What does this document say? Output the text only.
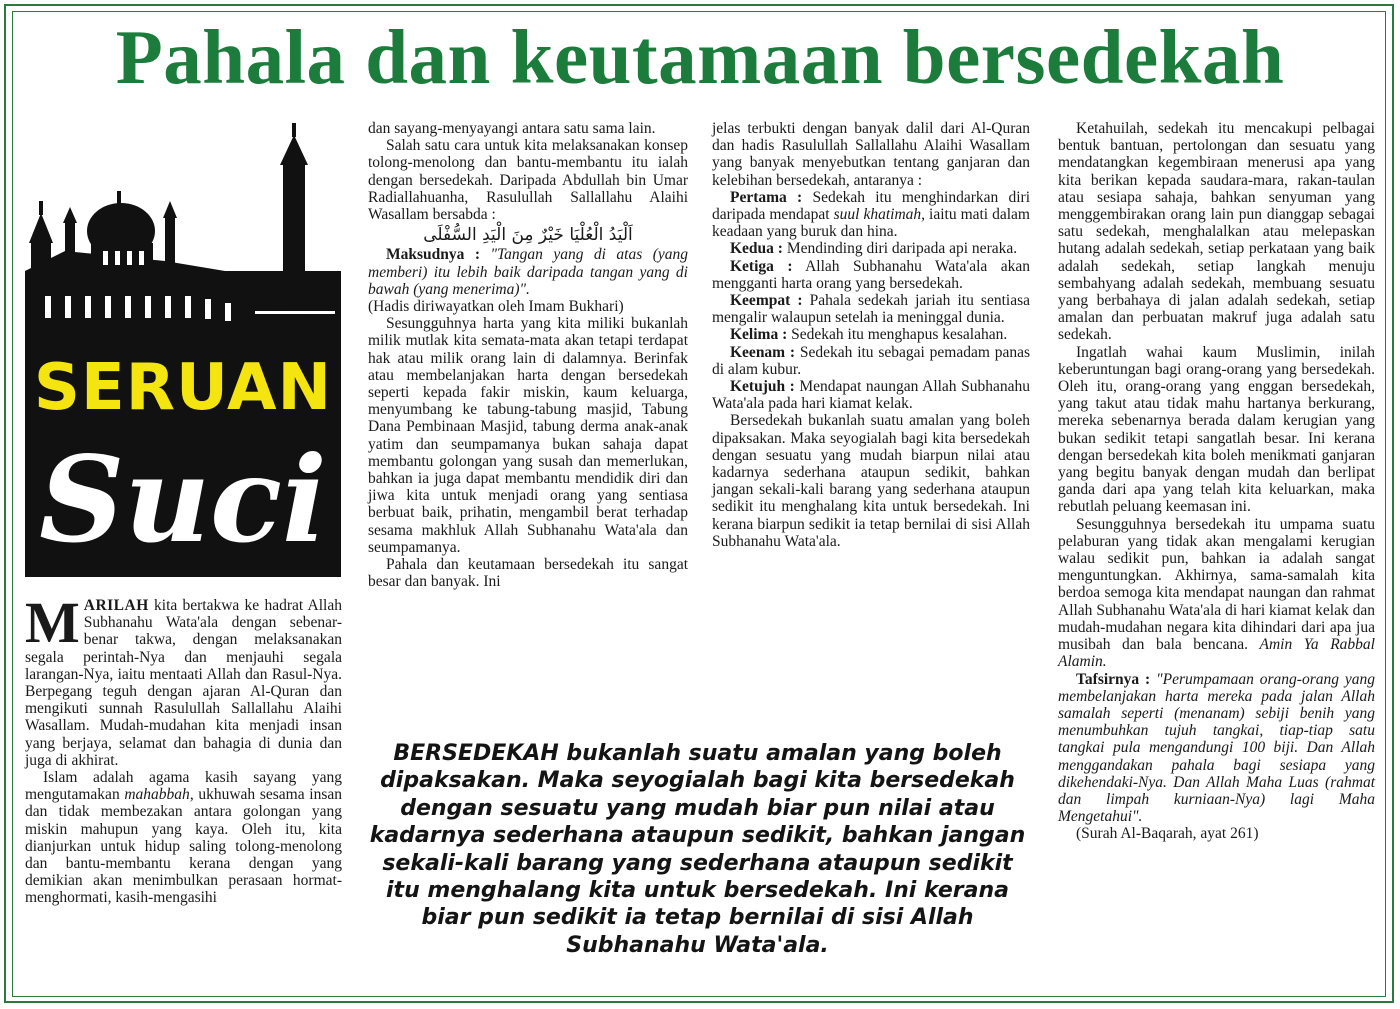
Pahala dan keutamaan bersedekah
SERUAN
Suci

MARILAH kita bertakwa ke hadrat Allah Subhanahu Wata'ala dengan sebenar-benar takwa, dengan melaksanakan segala perintah-Nya dan menjauhi segala larangan-Nya, iaitu mentaati Allah dan Rasul-Nya. Berpegang teguh dengan ajaran Al-Quran dan mengikuti sunnah Rasulullah Sallallahu Alaihi Wasallam. Mudah-mudahan kita menjadi insan yang berjaya, selamat dan bahagia di dunia dan juga di akhirat.

Islam adalah agama kasih sayang yang mengutamakan mahabbah, ukhuwah sesama insan dan tidak membezakan antara golongan yang miskin mahupun yang kaya. Oleh itu, kita dianjurkan untuk hidup saling tolong-menolong dan bantu-membantu kerana dengan yang demikian akan menimbulkan perasaan hormat-menghormati, kasih-mengasihi

dan sayang-menyayangi antara satu sama lain.

Salah satu cara untuk kita melaksanakan konsep tolong-menolong dan bantu-membantu itu ialah dengan bersedekah. Daripada Abdullah bin Umar Radiallahuanha, Rasulullah Sallallahu Alaihi Wasallam bersabda :

اَلْيَدُ الْعُلْيَا خَيْرٌ مِنَ الْيَدِ السُّفْلَى

Maksudnya : "Tangan yang di atas (yang memberi) itu lebih baik daripada tangan yang di bawah (yang menerima)".

(Hadis diriwayatkan oleh Imam Bukhari)

Sesungguhnya harta yang kita miliki bukanlah milik mutlak kita semata-mata akan tetapi terdapat hak atau milik orang lain di dalamnya. Berinfak atau membelanjakan harta dengan bersedekah seperti kepada fakir miskin, kaum keluarga, menyumbang ke tabung-tabung masjid, Tabung Dana Pembinaan Masjid, tabung derma anak-anak yatim dan seumpamanya bukan sahaja dapat membantu golongan yang susah dan memerlukan, bahkan ia juga dapat membantu mendidik diri dan jiwa kita untuk menjadi orang yang sentiasa berbuat baik, prihatin, mengambil berat terhadap sesama makhluk Allah Subhanahu Wata'ala dan seumpamanya.

Pahala dan keutamaan bersedekah itu sangat besar dan banyak. Ini

jelas terbukti dengan banyak dalil dari Al-Quran dan hadis Rasulullah Sallallahu Alaihi Wasallam yang banyak menyebutkan tentang ganjaran dan kelebihan bersedekah, antaranya :

Pertama : Sedekah itu menghindarkan diri daripada mendapat suul khatimah, iaitu mati dalam keadaan yang buruk dan hina.

Kedua : Mendinding diri daripada api neraka.

Ketiga : Allah Subhanahu Wata'ala akan mengganti harta orang yang bersedekah.

Keempat : Pahala sedekah jariah itu sentiasa mengalir walaupun setelah ia meninggal dunia.

Kelima : Sedekah itu menghapus kesalahan.

Keenam : Sedekah itu sebagai pemadam panas di alam kubur.

Ketujuh : Mendapat naungan Allah Subhanahu Wata'ala pada hari kiamat kelak.

Bersedekah bukanlah suatu amalan yang boleh dipaksakan. Maka seyogialah bagi kita bersedekah dengan sesuatu yang mudah biarpun nilai atau kadarnya sederhana ataupun sedikit, bahkan jangan sekali-kali barang yang sederhana ataupun sedikit itu menghalang kita untuk bersedekah. Ini kerana biarpun sedikit ia tetap bernilai di sisi Allah Subhanahu Wata'ala.

Ketahuilah, sedekah itu mencakupi pelbagai bentuk bantuan, pertolongan dan sesuatu yang mendatangkan kegembiraan menerusi apa yang kita berikan kepada saudara-mara, rakan-taulan atau sesiapa sahaja, bahkan senyuman yang menggembirakan orang lain pun dianggap sebagai satu sedekah, menghalalkan atau melepaskan hutang adalah sedekah, setiap perkataan yang baik adalah sedekah, setiap langkah menuju sembahyang adalah sedekah, membuang sesuatu yang berbahaya di jalan adalah sedekah, setiap amalan dan perbuatan makruf juga adalah satu sedekah.

Ingatlah wahai kaum Muslimin, inilah keberuntungan bagi orang-orang yang bersedekah. Oleh itu, orang-orang yang enggan bersedekah, yang takut atau tidak mahu hartanya berkurang, mereka sebenarnya berada dalam kerugian yang bukan sedikit tetapi sangatlah besar. Ini kerana dengan bersedekah kita boleh menikmati ganjaran yang begitu banyak dengan mudah dan berlipat ganda dari apa yang telah kita keluarkan, maka rebutlah peluang keemasan ini.

Sesungguhnya bersedekah itu umpama suatu pelaburan yang tidak akan mengalami kerugian walau sedikit pun, bahkan ia adalah sangat menguntungkan. Akhirnya, sama-samalah kita berdoa semoga kita mendapat naungan dan rahmat Allah Subhanahu Wata'ala di hari kiamat kelak dan mudah-mudahan negara kita dihindari dari apa jua musibah dan bala bencana. Amin Ya Rabbal Alamin.

Tafsirnya : "Perumpamaan orang-orang yang membelanjakan harta mereka pada jalan Allah samalah seperti (menanam) sebiji benih yang menumbuhkan tujuh tangkai, tiap-tiap satu tangkai pula mengandungi 100 biji. Dan Allah menggandakan pahala bagi sesiapa yang dikehendaki-Nya. Dan Allah Maha Luas (rahmat dan limpah kurniaan-Nya) lagi Maha Mengetahui".

(Surah Al-Baqarah, ayat 261)

BERSEDEKAH bukanlah suatu amalan yang boleh dipaksakan. Maka seyogialah bagi kita bersedekah dengan sesuatu yang mudah biar pun nilai atau kadarnya sederhana ataupun sedikit, bahkan jangan sekali-kali barang yang sederhana ataupun sedikit itu menghalang kita untuk bersedekah. Ini kerana biar pun sedikit ia tetap bernilai di sisi Allah Subhanahu Wata'ala.
